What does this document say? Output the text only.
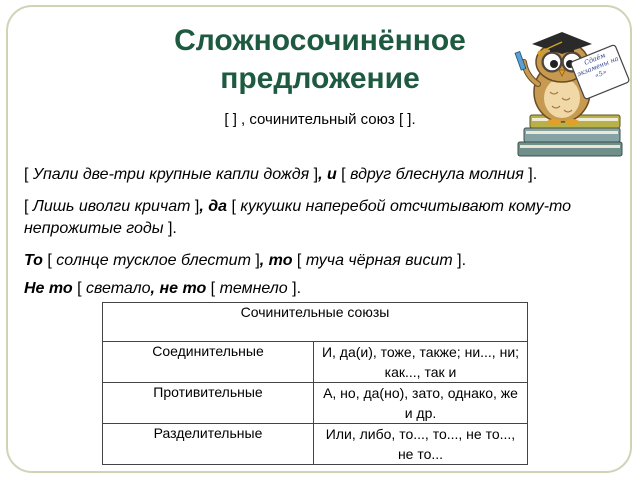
Сложносочинённое
предложение
[ ] , сочинительный союз [ ].
[ Упали две-три крупные капли дождя ], и [ вдруг блеснула молния ].
[ Лишь иволги кричат ], да [ кукушки наперебой отсчитывают кому-то непрожитые годы ].
То [ солнце тусклое блестит ], то [ туча чёрная висит ].
Не то [ светало, не то [ темнело ].
Сочинительные союзы	
Соединительные	И, да(и), тоже, также; ни..., ни; как..., так и
Противительные	А, но, да(но), зато, однако, же и др.
Разделительные	Или, либо, то..., то..., не то..., не то...
Сдаём экзамены на «5»
